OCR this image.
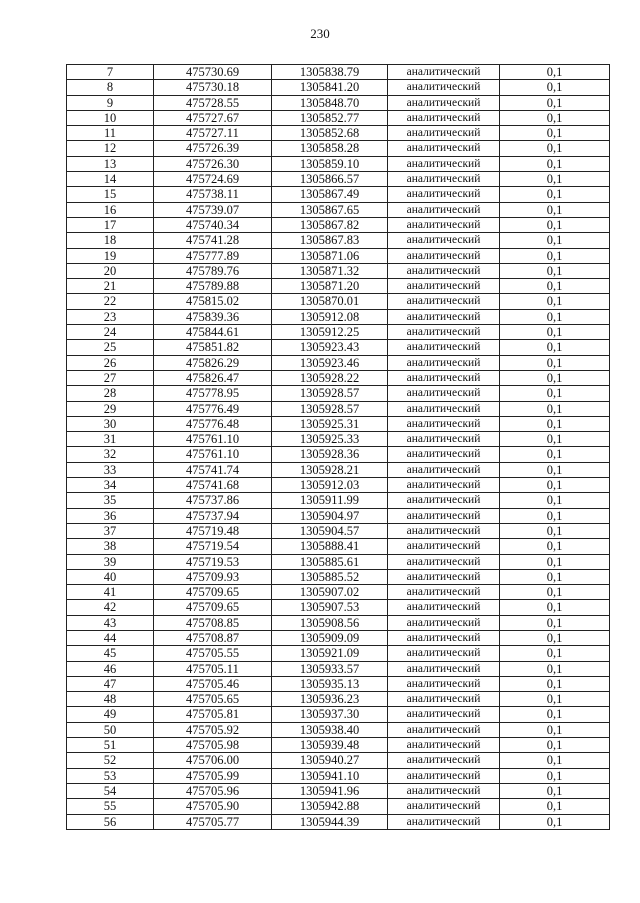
230
7	475730.69	1305838.79	аналитический	0,1
8	475730.18	1305841.20	аналитический	0,1
9	475728.55	1305848.70	аналитический	0,1
10	475727.67	1305852.77	аналитический	0,1
11	475727.11	1305852.68	аналитический	0,1
12	475726.39	1305858.28	аналитический	0,1
13	475726.30	1305859.10	аналитический	0,1
14	475724.69	1305866.57	аналитический	0,1
15	475738.11	1305867.49	аналитический	0,1
16	475739.07	1305867.65	аналитический	0,1
17	475740.34	1305867.82	аналитический	0,1
18	475741.28	1305867.83	аналитический	0,1
19	475777.89	1305871.06	аналитический	0,1
20	475789.76	1305871.32	аналитический	0,1
21	475789.88	1305871.20	аналитический	0,1
22	475815.02	1305870.01	аналитический	0,1
23	475839.36	1305912.08	аналитический	0,1
24	475844.61	1305912.25	аналитический	0,1
25	475851.82	1305923.43	аналитический	0,1
26	475826.29	1305923.46	аналитический	0,1
27	475826.47	1305928.22	аналитический	0,1
28	475778.95	1305928.57	аналитический	0,1
29	475776.49	1305928.57	аналитический	0,1
30	475776.48	1305925.31	аналитический	0,1
31	475761.10	1305925.33	аналитический	0,1
32	475761.10	1305928.36	аналитический	0,1
33	475741.74	1305928.21	аналитический	0,1
34	475741.68	1305912.03	аналитический	0,1
35	475737.86	1305911.99	аналитический	0,1
36	475737.94	1305904.97	аналитический	0,1
37	475719.48	1305904.57	аналитический	0,1
38	475719.54	1305888.41	аналитический	0,1
39	475719.53	1305885.61	аналитический	0,1
40	475709.93	1305885.52	аналитический	0,1
41	475709.65	1305907.02	аналитический	0,1
42	475709.65	1305907.53	аналитический	0,1
43	475708.85	1305908.56	аналитический	0,1
44	475708.87	1305909.09	аналитический	0,1
45	475705.55	1305921.09	аналитический	0,1
46	475705.11	1305933.57	аналитический	0,1
47	475705.46	1305935.13	аналитический	0,1
48	475705.65	1305936.23	аналитический	0,1
49	475705.81	1305937.30	аналитический	0,1
50	475705.92	1305938.40	аналитический	0,1
51	475705.98	1305939.48	аналитический	0,1
52	475706.00	1305940.27	аналитический	0,1
53	475705.99	1305941.10	аналитический	0,1
54	475705.96	1305941.96	аналитический	0,1
55	475705.90	1305942.88	аналитический	0,1
56	475705.77	1305944.39	аналитический	0,1
